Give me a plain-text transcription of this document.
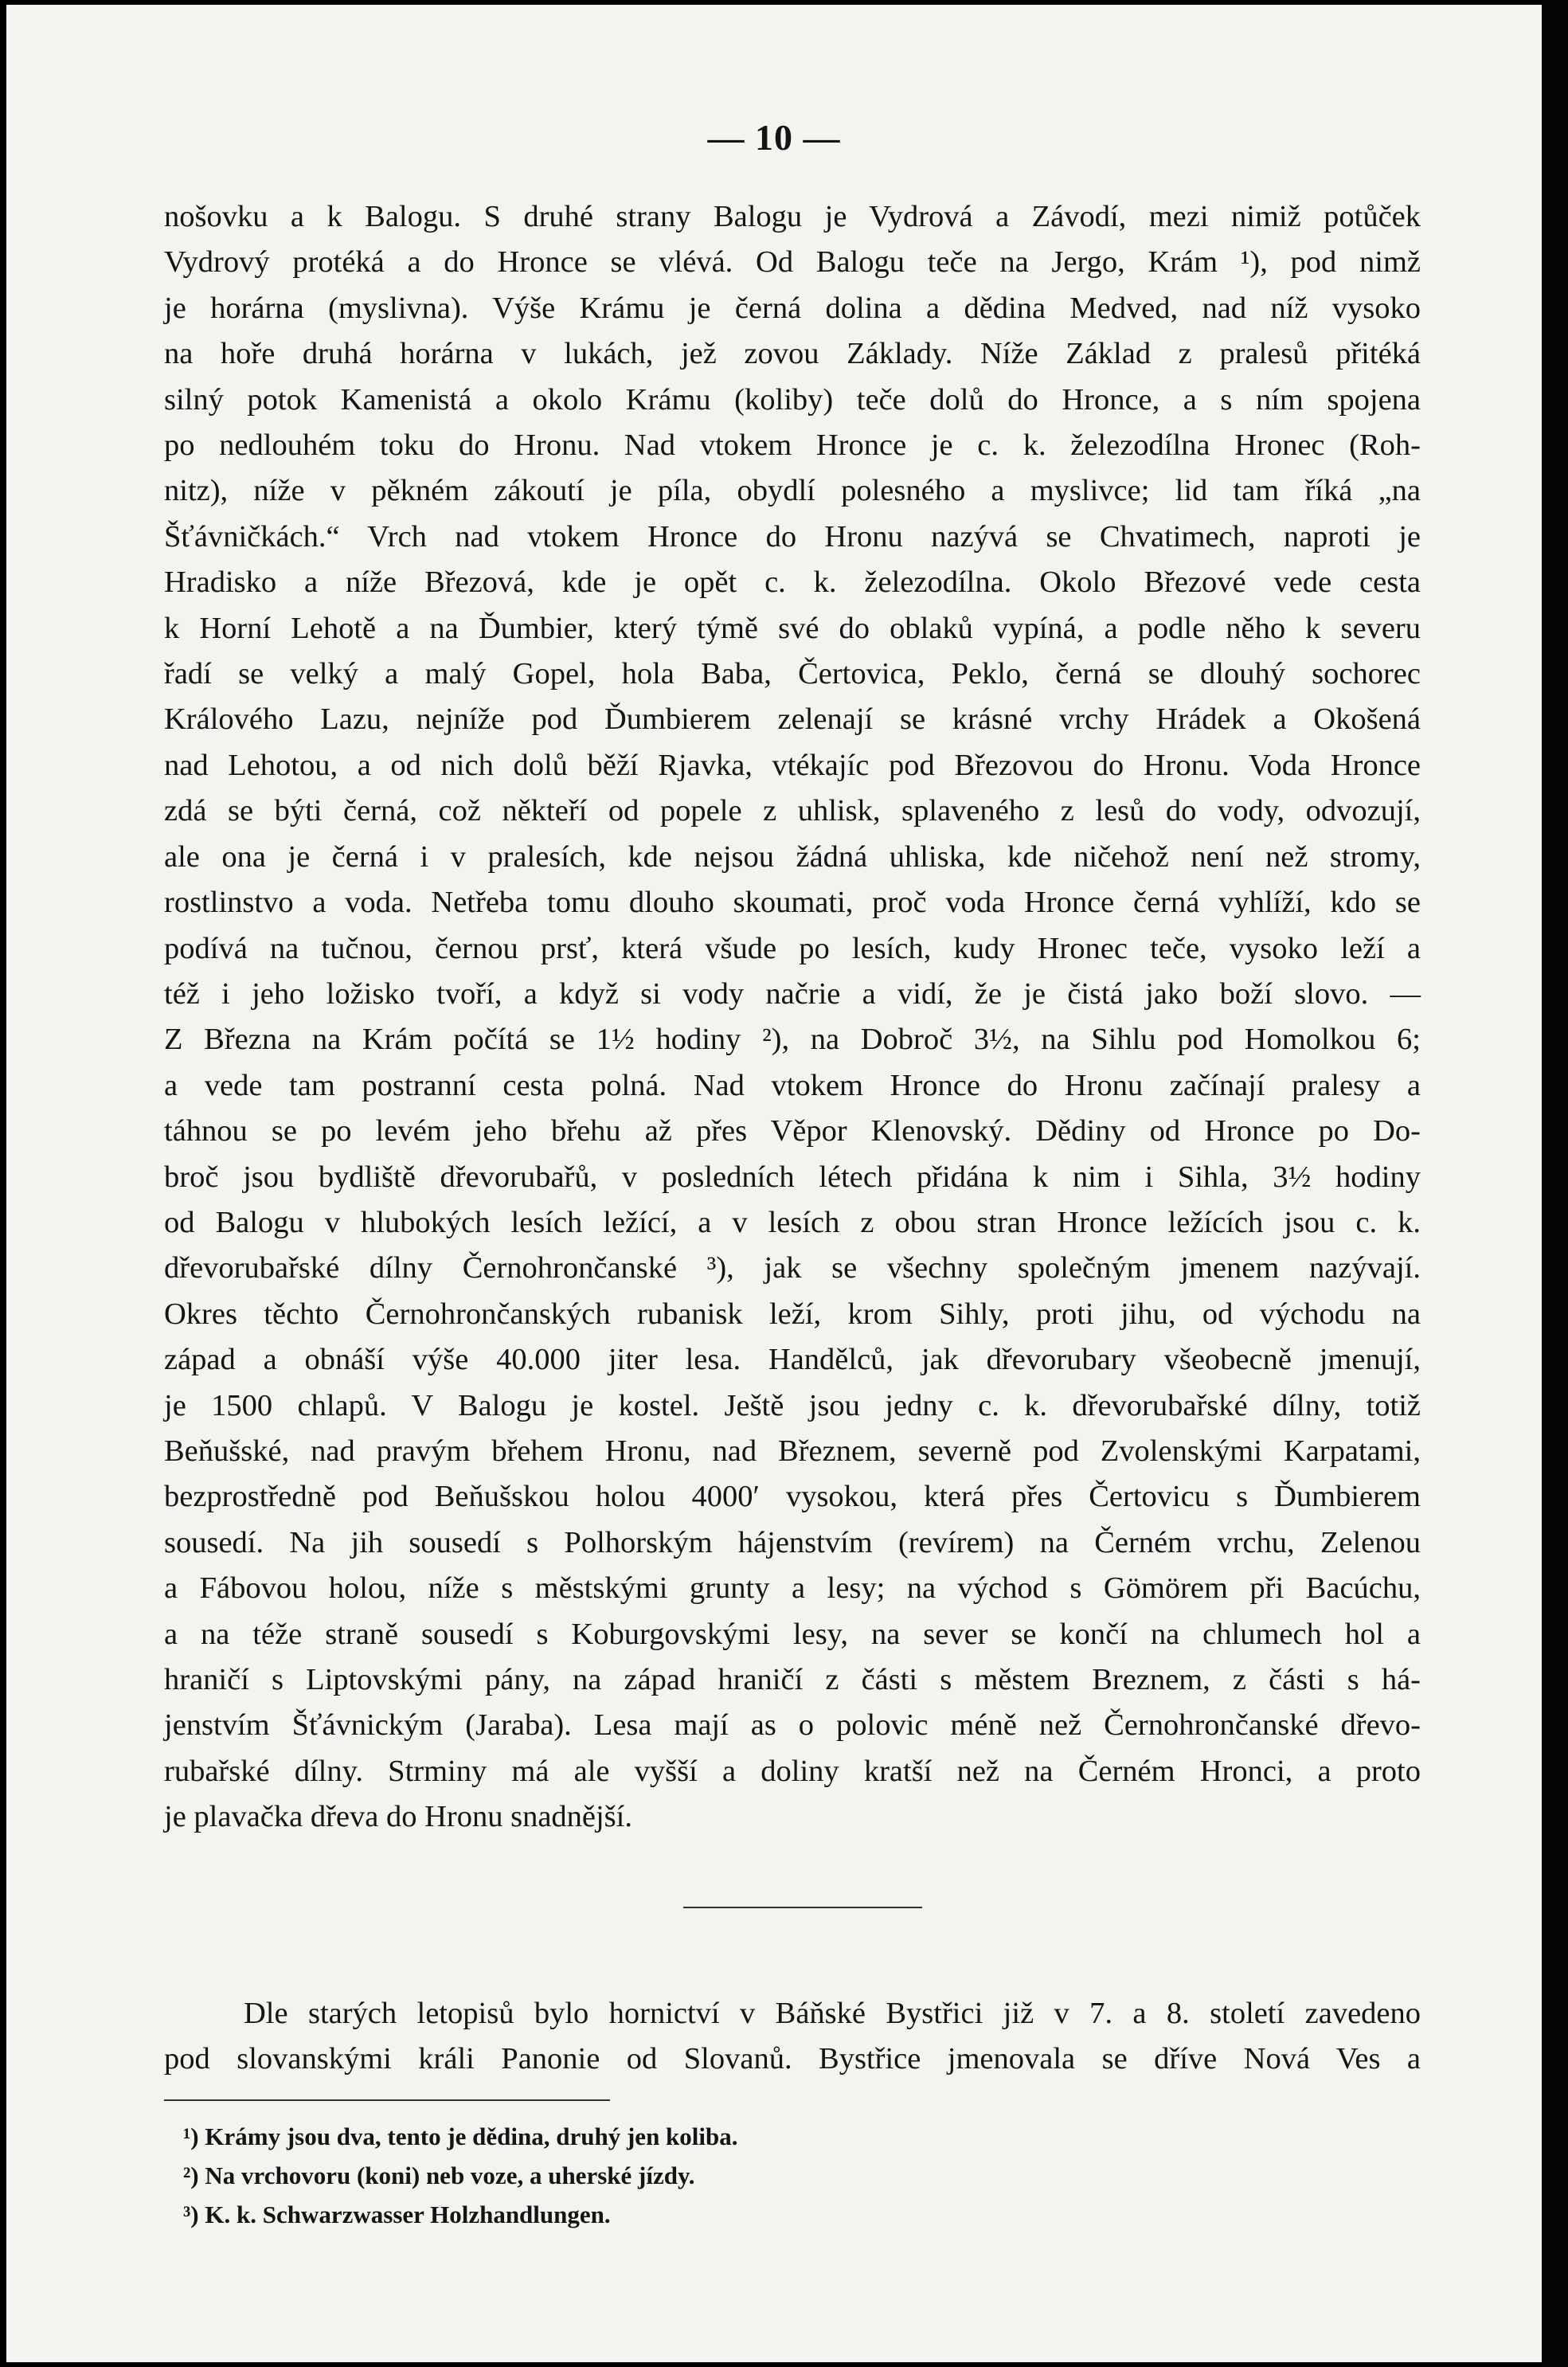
— 10 —
nošovku a k Balogu. S druhé strany Balogu je Vydrová a Závodí, mezi nimiž potůček
Vydrový protéká a do Hronce se vlévá. Od Balogu teče na Jergo, Krám ¹), pod nimž
je horárna (myslivna). Výše Krámu je černá dolina a dědina Medved, nad níž vysoko
na hoře druhá horárna v lukách, jež zovou Základy. Níže Základ z pralesů přitéká
silný potok Kamenistá a okolo Krámu (koliby) teče dolů do Hronce, a s ním spojena
po nedlouhém toku do Hronu. Nad vtokem Hronce je c. k. železodílna Hronec (Roh-
nitz), níže v pěkném zákoutí je píla, obydlí polesného a myslivce; lid tam říká „na
Šťávničkách.“ Vrch nad vtokem Hronce do Hronu nazývá se Chvatimech, naproti je
Hradisko a níže Březová, kde je opět c. k. železodílna. Okolo Březové vede cesta
k Horní Lehotě a na Ďumbier, který týmě své do oblaků vypíná, a podle něho k severu
řadí se velký a malý Gopel, hola Baba, Čertovica, Peklo, černá se dlouhý sochorec
Králového Lazu, nejníže pod Ďumbierem zelenají se krásné vrchy Hrádek a Okošená
nad Lehotou, a od nich dolů běží Rjavka, vtékajíc pod Březovou do Hronu. Voda Hronce
zdá se býti černá, což někteří od popele z uhlisk, splaveného z lesů do vody, odvozují,
ale ona je černá i v pralesích, kde nejsou žádná uhliska, kde ničehož není než stromy,
rostlinstvo a voda. Netřeba tomu dlouho skoumati, proč voda Hronce černá vyhlíží, kdo se
podívá na tučnou, černou prsť, která všude po lesích, kudy Hronec teče, vysoko leží a
též i jeho ložisko tvoří, a když si vody načrie a vidí, že je čistá jako boží slovo. —
Z Března na Krám počítá se 1½ hodiny ²), na Dobroč 3½, na Sihlu pod Homolkou 6;
a vede tam postranní cesta polná. Nad vtokem Hronce do Hronu začínají pralesy a
táhnou se po levém jeho břehu až přes Věpor Klenovský. Dědiny od Hronce po Do-
broč jsou bydliště dřevorubařů, v posledních létech přidána k nim i Sihla, 3½ hodiny
od Balogu v hlubokých lesích ležící, a v lesích z obou stran Hronce ležících jsou c. k.
dřevorubařské dílny Černohrončanské ³), jak se všechny společným jmenem nazývají.
Okres těchto Černohrončanských rubanisk leží, krom Sihly, proti jihu, od východu na
západ a obnáší výše 40.000 jiter lesa. Handělců, jak dřevorubary všeobecně jmenují,
je 1500 chlapů. V Balogu je kostel. Ještě jsou jedny c. k. dřevorubařské dílny, totiž
Beňušské, nad pravým břehem Hronu, nad Březnem, severně pod Zvolenskými Karpatami,
bezprostředně pod Beňušskou holou 4000′ vysokou, která přes Čertovicu s Ďumbierem
sousedí. Na jih sousedí s Polhorským hájenstvím (revírem) na Černém vrchu, Zelenou
a Fábovou holou, níže s městskými grunty a lesy; na východ s Gömörem při Bacúchu,
a na téže straně sousedí s Koburgovskými lesy, na sever se končí na chlumech hol a
hraničí s Liptovskými pány, na západ hraničí z části s městem Breznem, z části s há-
jenstvím Šťávnickým (Jaraba). Lesa mají as o polovic méně než Černohrončanské dřevo-
rubařské dílny. Strminy má ale vyšší a doliny kratší než na Černém Hronci, a proto
je plavačka dřeva do Hronu snadnější.
Dle starých letopisů bylo hornictví v Báňské Bystřici již v 7. a 8. století zavedeno
pod slovanskými králi Panonie od Slovanů. Bystřice jmenovala se dříve Nová Ves a
¹) Krámy jsou dva, tento je dědina, druhý jen koliba.
²) Na vrchovoru (koni) neb voze, a uherské jízdy.
³) K. k. Schwarzwasser Holzhandlungen.
